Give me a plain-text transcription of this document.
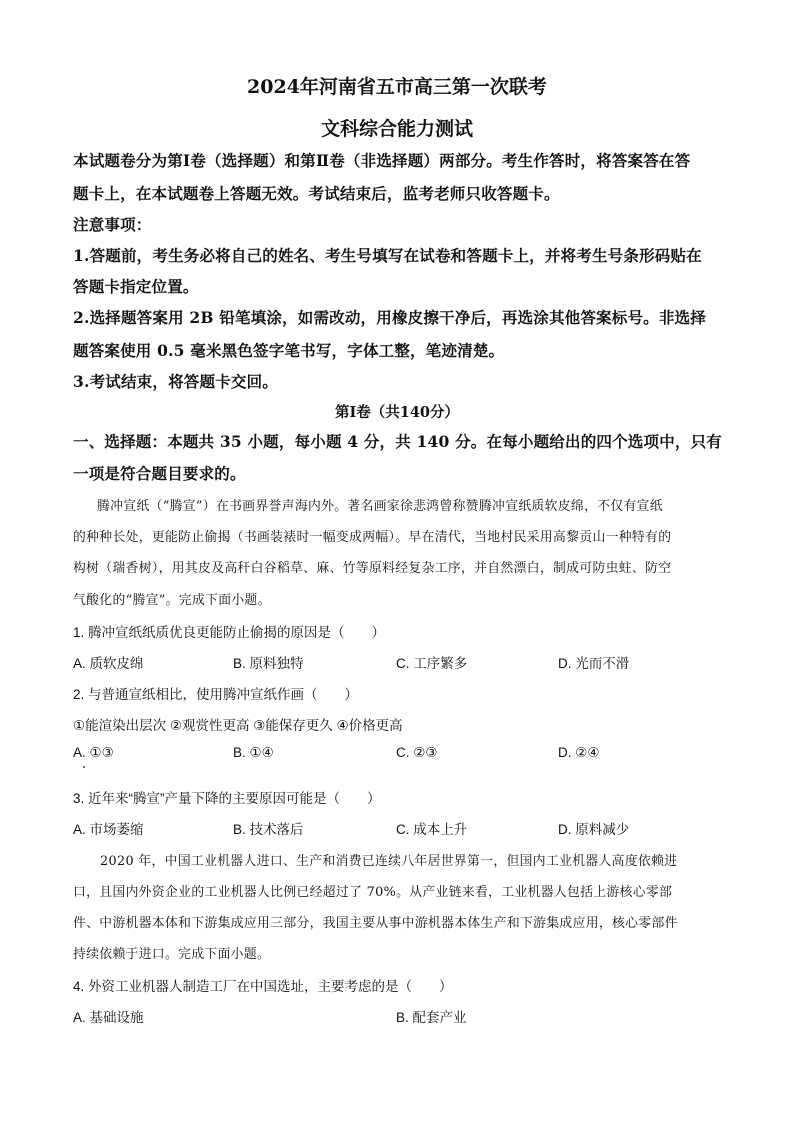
2024年河南省五市高三第一次联考
文科综合能力测试
本试题卷分为第Ⅰ卷（选择题）和第Ⅱ卷（非选择题）两部分。考生作答时，将答案答在答
题卡上，在本试题卷上答题无效。考试结束后，监考老师只收答题卡。
注意事项：
1.答题前，考生务必将自己的姓名、考生号填写在试卷和答题卡上，并将考生号条形码贴在
答题卡指定位置。
2.选择题答案用 2B 铅笔填涂，如需改动，用橡皮擦干净后，再选涂其他答案标号。非选择
题答案使用 0.5 毫米黑色签字笔书写，字体工整，笔迹清楚。
3.考试结束，将答题卡交回。
第Ⅰ卷（共140分）
一、选择题：本题共 35 小题，每小题 4 分，共 140 分。在每小题给出的四个选项中，只有
一项是符合题目要求的。
腾冲宣纸（“腾宣”）在书画界誉声海内外。著名画家徐悲鸿曾称赞腾冲宣纸质软皮绵，不仅有宣纸
的种种长处，更能防止偷揭（书画装裱时一幅变成两幅）。早在清代，当地村民采用高黎贡山一种特有的
构树（瑞香树），用其皮及高秆白谷稻草、麻、竹等原料经复杂工序，并自然漂白，制成可防虫蛀、防空
气酸化的“腾宣”。完成下面小题。
1. 腾冲宣纸纸质优良更能防止偷揭的原因是（　　）
A. 质软皮绵	B. 原料独特	C. 工序繁多	D. 光而不滑
2. 与普通宣纸相比，使用腾冲宣纸作画（　　）
①能渲染出层次 ②观赏性更高 ③能保存更久 ④价格更高
A. ①③	B. ①④	C. ②③	D. ②④
3. 近年来“腾宣”产量下降的主要原因可能是（　　）
A. 市场萎缩	B. 技术落后	C. 成本上升	D. 原料减少
2020 年，中国工业机器人进口、生产和消费已连续八年居世界第一，但国内工业机器人高度依赖进
口，且国内外资企业的工业机器人比例已经超过了 70%。从产业链来看，工业机器人包括上游核心零部
件、中游机器本体和下游集成应用三部分，我国主要从事中游机器本体生产和下游集成应用，核心零部件
持续依赖于进口。完成下面小题。
4. 外资工业机器人制造工厂在中国选址，主要考虑的是（　　）
A. 基础设施	B. 配套产业
